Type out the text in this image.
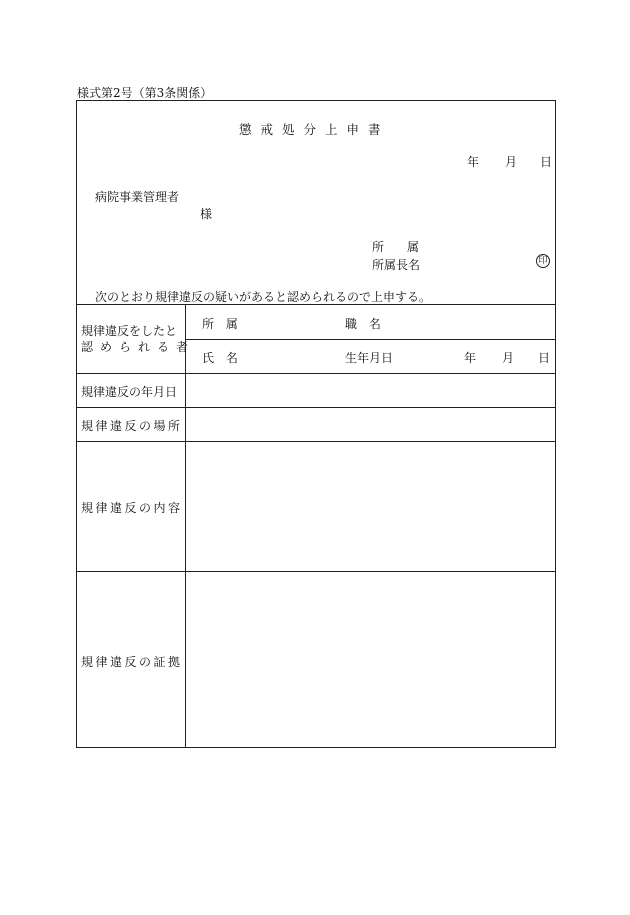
様式第2号（第3条関係）
懲戒処分上申書
年 月 日
病院事業管理者
様
所 属
所属長名	印
次のとおり規律違反の疑いがあると認められるので上申する。
規律違反をしたと
認められる者
所 属	職 名
氏 名	生年月日	年 月 日
規律違反の年月日
規律違反の場所
規律違反の内容
規律違反の証拠
